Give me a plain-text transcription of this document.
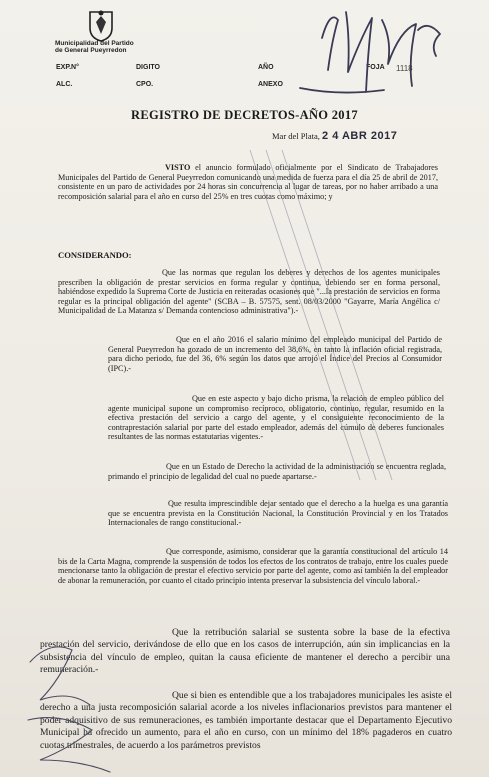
Municipalidad del Partido
de General Pueyrredon
EXP.N°	DIGITO	AÑO	FOJA 1118
ALC.	CPO.	ANEXO
REGISTRO DE DECRETOS-AÑO 2017
Mar del Plata, 2 4 ABR 2017
VISTO el anuncio formulado oficialmente por el Sindicato de Trabajadores Municipales del Partido de General Pueyrredon comunicando una medida de fuerza para el día 25 de abril de 2017, consistente en un paro de actividades por 24 horas sin concurrencia al lugar de tareas, por no haber arribado a una recomposición salarial para el año en curso del 25% en tres cuotas como máximo; y
CONSIDERANDO:
Que las normas que regulan los deberes y derechos de los agentes municipales prescriben la obligación de prestar servicios en forma regular y continua, debiendo ser en forma personal, habiéndose expedido la Suprema Corte de Justicia en reiteradas ocasiones que "...la prestación de servicios en forma regular es la principal obligación del agente" (SCBA – B. 57575, sent. 08/03/2000 "Gayarre, María Angélica c/ Municipalidad de La Matanza s/ Demanda contencioso administrativa").-
Que en el año 2016 el salario mínimo del empleado municipal del Partido de General Pueyrredon ha gozado de un incremento del 38,6%, en tanto la inflación oficial registrada, para dicho periodo, fue del 36, 6% según los datos que arrojó el Índice del Precios al Consumidor (IPC).-
Que en este aspecto y bajo dicho prisma, la relación de empleo público del agente municipal supone un compromiso recíproco, obligatorio, continuo, regular, resumido en la efectiva prestación del servicio a cargo del agente, y el consiguiente reconocimiento de la contraprestación salarial por parte del estado empleador, además del cúmulo de deberes funcionales resultantes de las normas estatutarias vigentes.-
Que en un Estado de Derecho la actividad de la administración se encuentra reglada, primando el principio de legalidad del cual no puede apartarse.-
Que resulta imprescindible dejar sentado que el derecho a la huelga es una garantía que se encuentra prevista en la Constitución Nacional, la Constitución Provincial y en los Tratados Internacionales de rango constitucional.-
Que corresponde, asimismo, considerar que la garantía constitucional del artículo 14 bis de la Carta Magna, comprende la suspensión de todos los efectos de los contratos de trabajo, entre los cuales puede mencionarse tanto la obligación de prestar el efectivo servicio por parte del agente, como así también la del empleador de abonar la remuneración, por cuanto el citado principio intenta preservar la subsistencia del vínculo laboral.-
Que la retribución salarial se sustenta sobre la base de la efectiva prestación del servicio, derivándose de ello que en los casos de interrupción, aún sin implicancias en la subsistencia del vínculo de empleo, quitan la causa eficiente de mantener el derecho a percibir una remuneración.-
Que si bien es entendible que a los trabajadores municipales les asiste el derecho a una justa recomposición salarial acorde a los niveles inflacionarios previstos para mantener el poder adquisitivo de sus remuneraciones, es también importante destacar que el Departamento Ejecutivo Municipal ha ofrecido un aumento, para el año en curso, con un mínimo del 18% pagaderos en cuatro cuotas trimestrales, de acuerdo a los parámetros previstos
